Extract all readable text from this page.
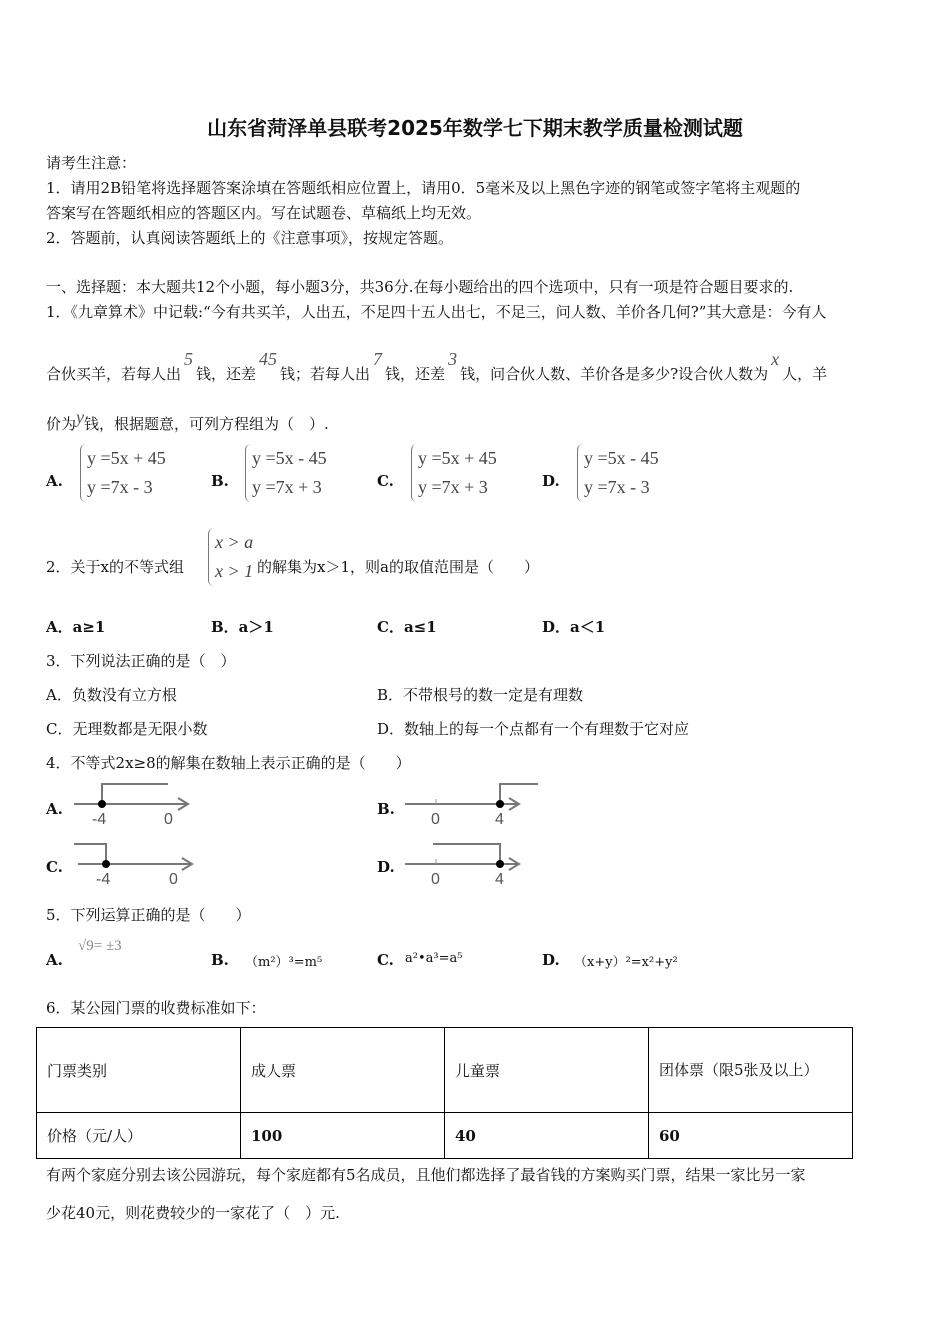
山东省菏泽单县联考2025年数学七下期末教学质量检测试题
请考生注意：
1．请用2B铅笔将选择题答案涂填在答题纸相应位置上，请用0．5毫米及以上黑色字迹的钢笔或签字笔将主观题的
答案写在答题纸相应的答题区内。写在试题卷、草稿纸上均无效。
2．答题前，认真阅读答题纸上的《注意事项》，按规定答题。
一、选择题：本大题共12个小题，每小题3分，共36分.在每小题给出的四个选项中，只有一项是符合题目要求的.
1．《九章算术》中记载:“今有共买羊，人出五，不足四十五人出七，不足三，问人数、羊价各几何?”其大意是：今有人
合伙买羊，若每人出5钱，还差45钱；若每人出7钱，还差3钱，问合伙人数、羊价各是多少?设合伙人数为x人，羊
价为y钱，根据题意，可列方程组为（　）.
A.
y =5x + 45
y =7x - 3	B.
y =5x - 45
y =7x + 3	C.
y =5x + 45
y =7x + 3	D.
y =5x - 45
y =7x - 3
2．关于x的不等式组
x > a
x > 1 的解集为x＞1，则a的取值范围是（　　）
A．a≥1	B．a＞1	C．a≤1	D．a＜1
3．下列说法正确的是（　）
A．负数没有立方根	B．不带根号的数一定是有理数
C．无理数都是无限小数	D．数轴上的每一个点都有一个有理数于它对应
4．不等式2x≥8的解集在数轴上表示正确的是（　　）
A.
-4	0
B.
0	4
C.
-4	0
D.
0	4
5．下列运算正确的是（　　）
A.
√9= ±3
B. （m²）³=m⁵	C. a²•a³=a⁵	D. （x+y）²=x²+y²
6．某公园门票的收费标准如下：
门票类别	成人票	儿童票	团体票（限5张及以上）
价格（元/人）	100	40	60
有两个家庭分别去该公园游玩，每个家庭都有5名成员，且他们都选择了最省钱的方案购买门票，结果一家比另一家
少花40元，则花费较少的一家花了（　）元.
